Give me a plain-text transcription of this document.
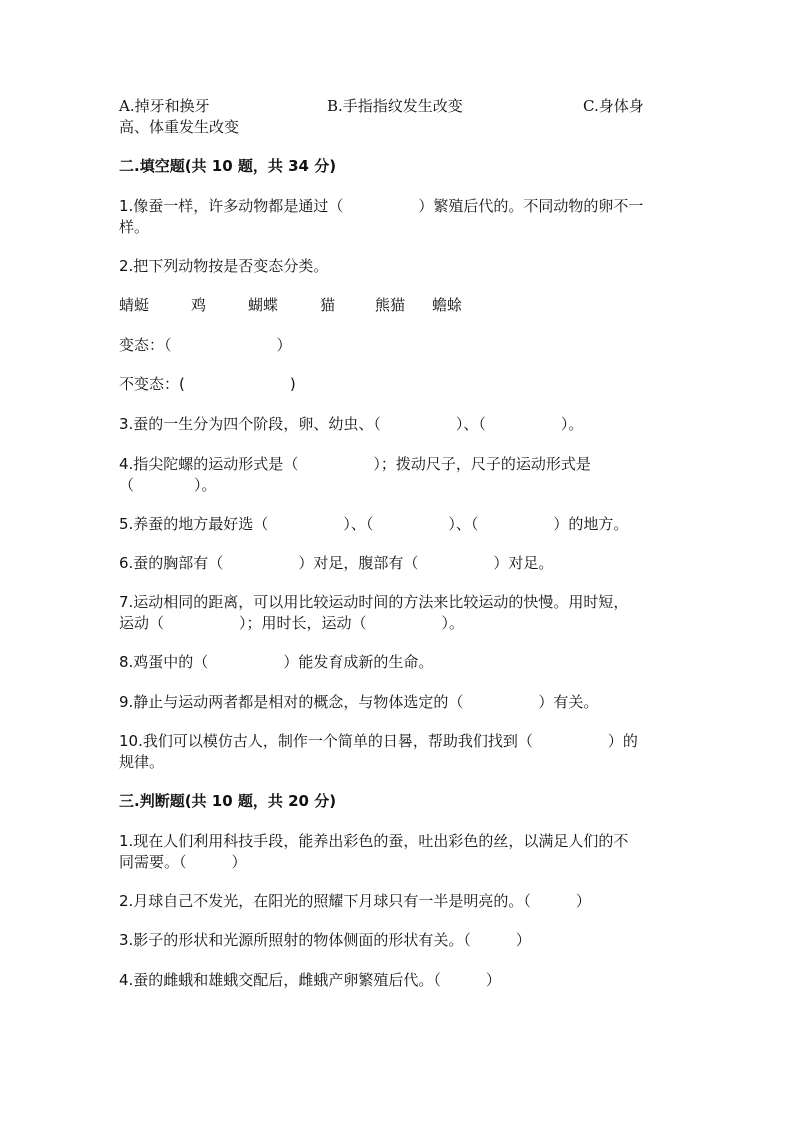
A.掉牙和换牙	B.手指指纹发生改变	C.身体身
高、体重发生改变
二.填空题(共 10 题，共 34 分)
1.像蚕一样，许多动物都是通过（　　　　　）繁殖后代的。不同动物的卵不一
样。
2.把下列动物按是否变态分类。
蜻蜓	鸡	蝴蝶	猫	熊猫 蟾蜍
变态：（　　　　　　　）
不变态：(　　　　　　　)
3.蚕的一生分为四个阶段，卵、幼虫、（　　　　　）、（　　　　　）。
4.指尖陀螺的运动形式是（　　　　　）；拨动尺子，尺子的运动形式是
（　　　　）。
5.养蚕的地方最好选（　　　　　）、（　　　　　）、（　　　　　）的地方。
6.蚕的胸部有（　　　　　）对足，腹部有（　　　　　）对足。
7.运动相同的距离，可以用比较运动时间的方法来比较运动的快慢。用时短，
运动（　　　　　）；用时长，运动（　　　　　）。
8.鸡蛋中的（　　　　　）能发育成新的生命。
9.静止与运动两者都是相对的概念，与物体选定的（　　　　　）有关。
10.我们可以模仿古人，制作一个简单的日晷，帮助我们找到（　　　　　）的
规律。
三.判断题(共 10 题，共 20 分)
1.现在人们利用科技手段，能养出彩色的蚕，吐出彩色的丝，以满足人们的不
同需要。（　　　）
2.月球自己不发光，在阳光的照耀下月球只有一半是明亮的。（　　　）
3.影子的形状和光源所照射的物体侧面的形状有关。（　　　）
4.蚕的雌蛾和雄蛾交配后，雌蛾产卵繁殖后代。（　　　）
